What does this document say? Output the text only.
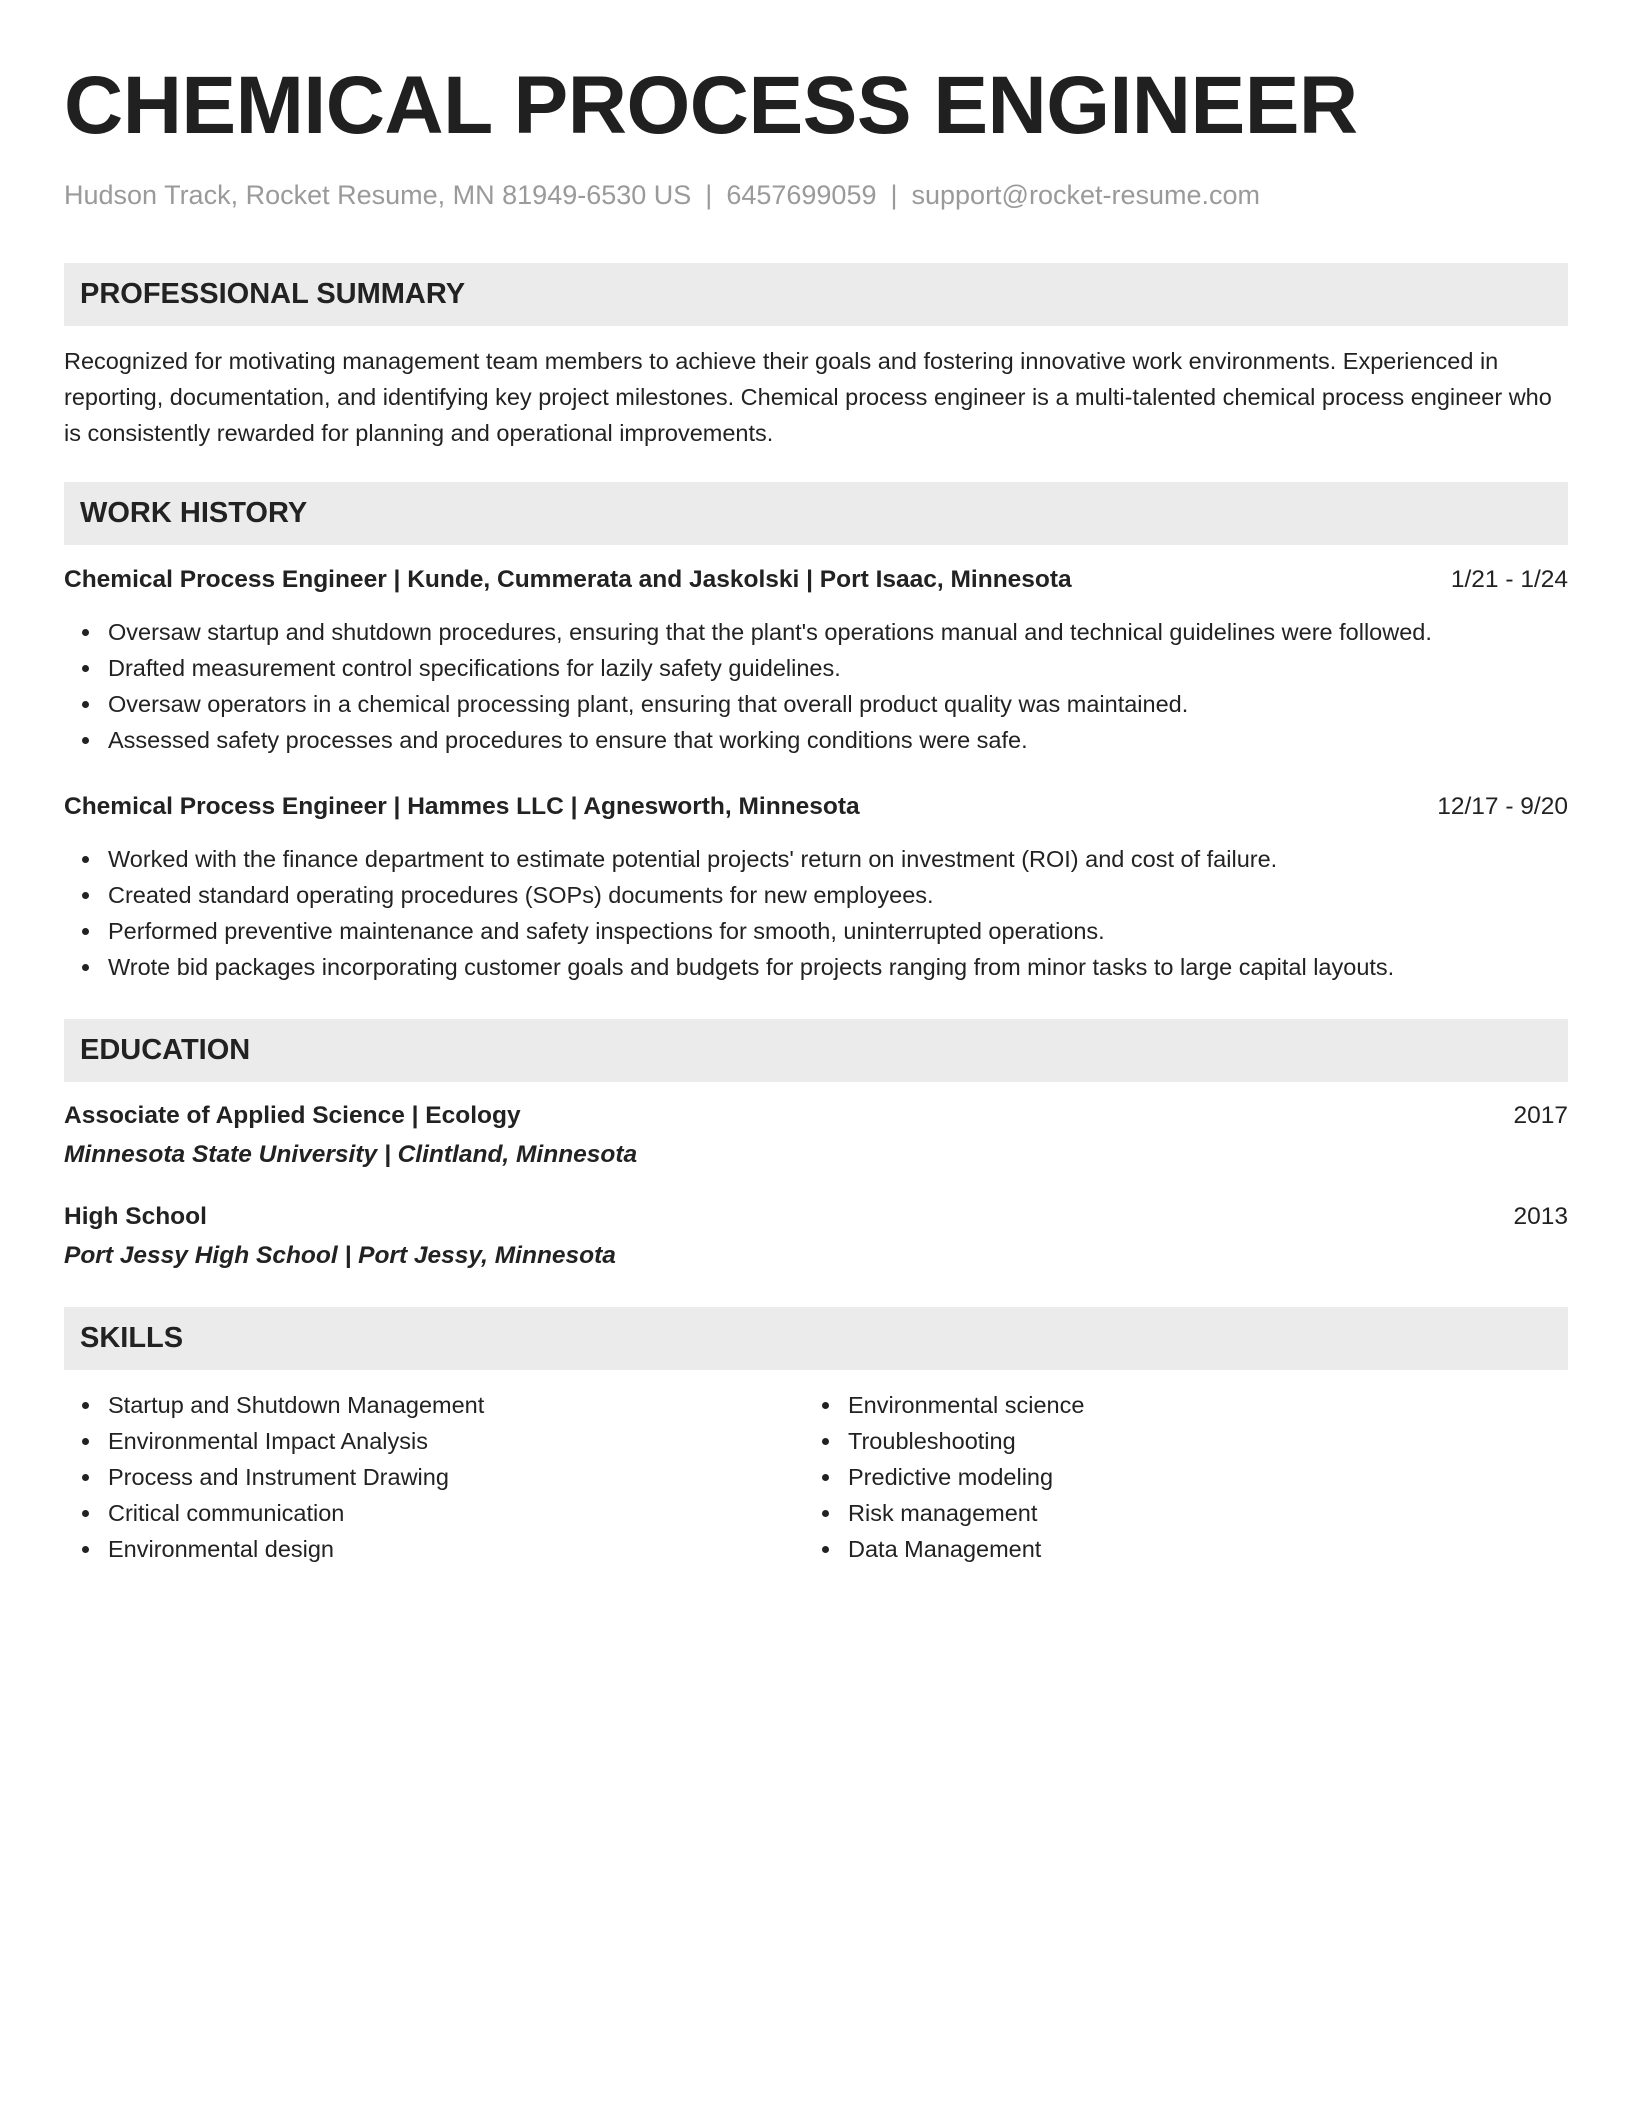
CHEMICAL PROCESS ENGINEER
Hudson Track, Rocket Resume, MN 81949-6530 US | 6457699059 | support@rocket-resume.com
PROFESSIONAL SUMMARY

Recognized for motivating management team members to achieve their goals and fostering innovative work environments. Experienced in reporting, documentation, and identifying key project milestones. Chemical process engineer is a multi-talented chemical process engineer who is consistently rewarded for planning and operational improvements.

WORK HISTORY
Chemical Process Engineer | Kunde, Cummerata and Jaskolski | Port Isaac, Minnesota	1/21 - 1/24
Oversaw startup and shutdown procedures, ensuring that the plant's operations manual and technical guidelines were followed.
Drafted measurement control specifications for lazily safety guidelines.
Oversaw operators in a chemical processing plant, ensuring that overall product quality was maintained.
Assessed safety processes and procedures to ensure that working conditions were safe.
Chemical Process Engineer | Hammes LLC | Agnesworth, Minnesota	12/17 - 9/20
Worked with the finance department to estimate potential projects' return on investment (ROI) and cost of failure.
Created standard operating procedures (SOPs) documents for new employees.
Performed preventive maintenance and safety inspections for smooth, uninterrupted operations.
Wrote bid packages incorporating customer goals and budgets for projects ranging from minor tasks to large capital layouts.
EDUCATION
Associate of Applied Science | Ecology	2017
Minnesota State University | Clintland, Minnesota
High School	2013
Port Jessy High School | Port Jessy, Minnesota
SKILLS
Startup and Shutdown Management
Environmental Impact Analysis
Process and Instrument Drawing
Critical communication
Environmental design
Environmental science
Troubleshooting
Predictive modeling
Risk management
Data Management
